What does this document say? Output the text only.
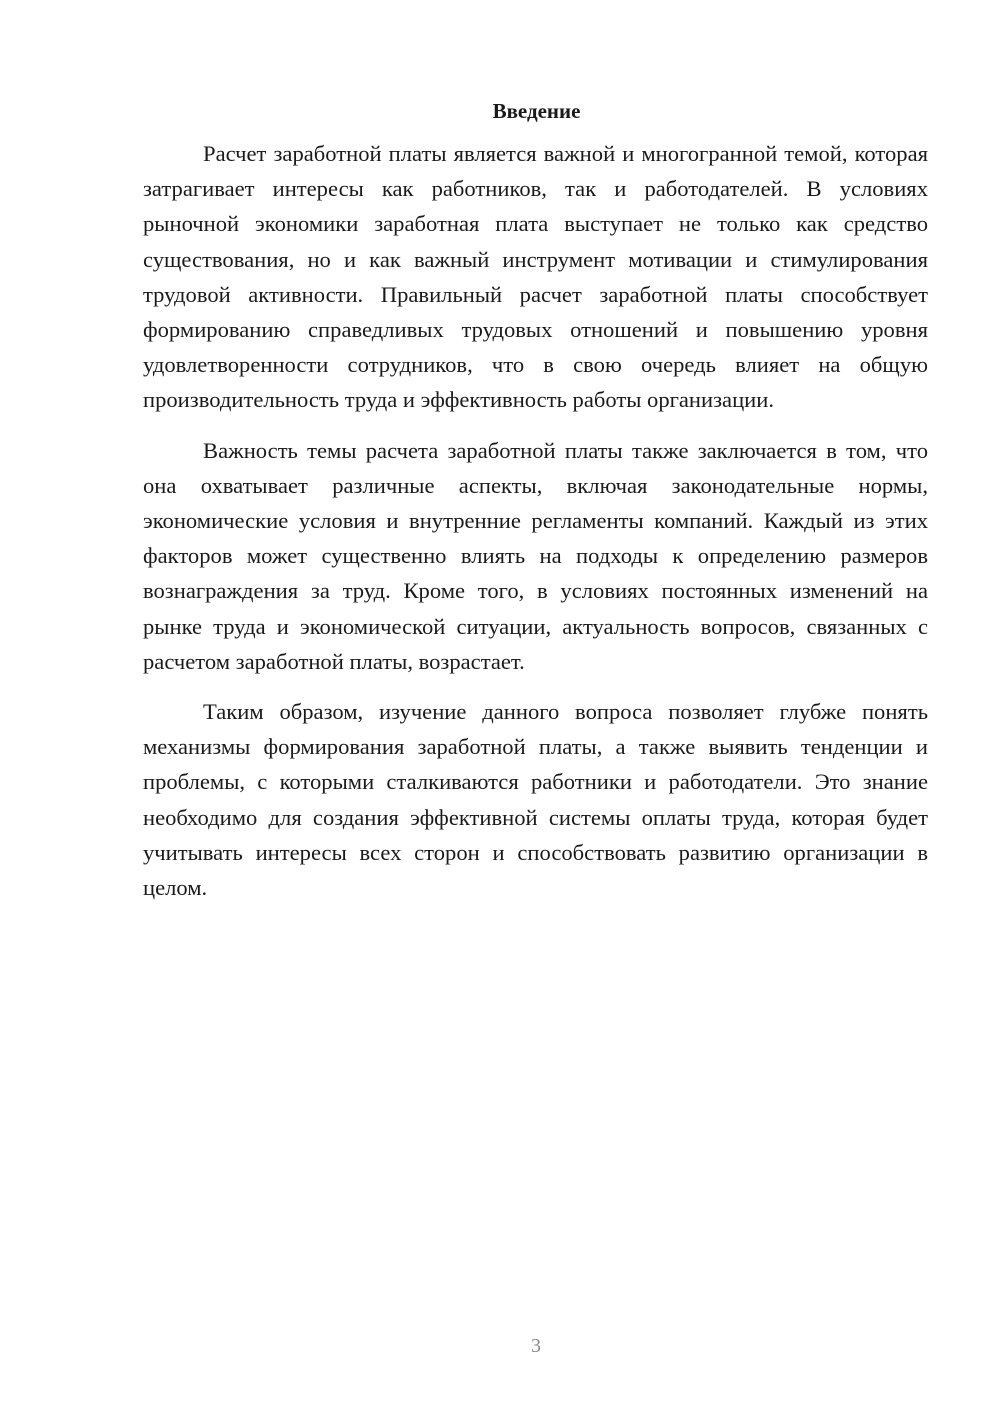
Введение

Расчет заработной платы является важной и многогранной темой, которая затрагивает интересы как работников, так и работодателей. В условиях рыночной экономики заработная плата выступает не только как средство существования, но и как важный инструмент мотивации и стимулирования трудовой активности. Правильный расчет заработной платы способствует формированию справедливых трудовых отношений и повышению уровня удовлетворенности сотрудников, что в свою очередь влияет на общую производительность труда и эффективность работы организации.

Важность темы расчета заработной платы также заключается в том, что она охватывает различные аспекты, включая законодательные нормы, экономические условия и внутренние регламенты компаний. Каждый из этих факторов может существенно влиять на подходы к определению размеров вознаграждения за труд. Кроме того, в условиях постоянных изменений на рынке труда и экономической ситуации, актуальность вопросов, связанных с расчетом заработной платы, возрастает.

Таким образом, изучение данного вопроса позволяет глубже понять механизмы формирования заработной платы, а также выявить тенденции и проблемы, с которыми сталкиваются работники и работодатели. Это знание необходимо для создания эффективной системы оплаты труда, которая будет учитывать интересы всех сторон и способствовать развитию организации в целом.

3
